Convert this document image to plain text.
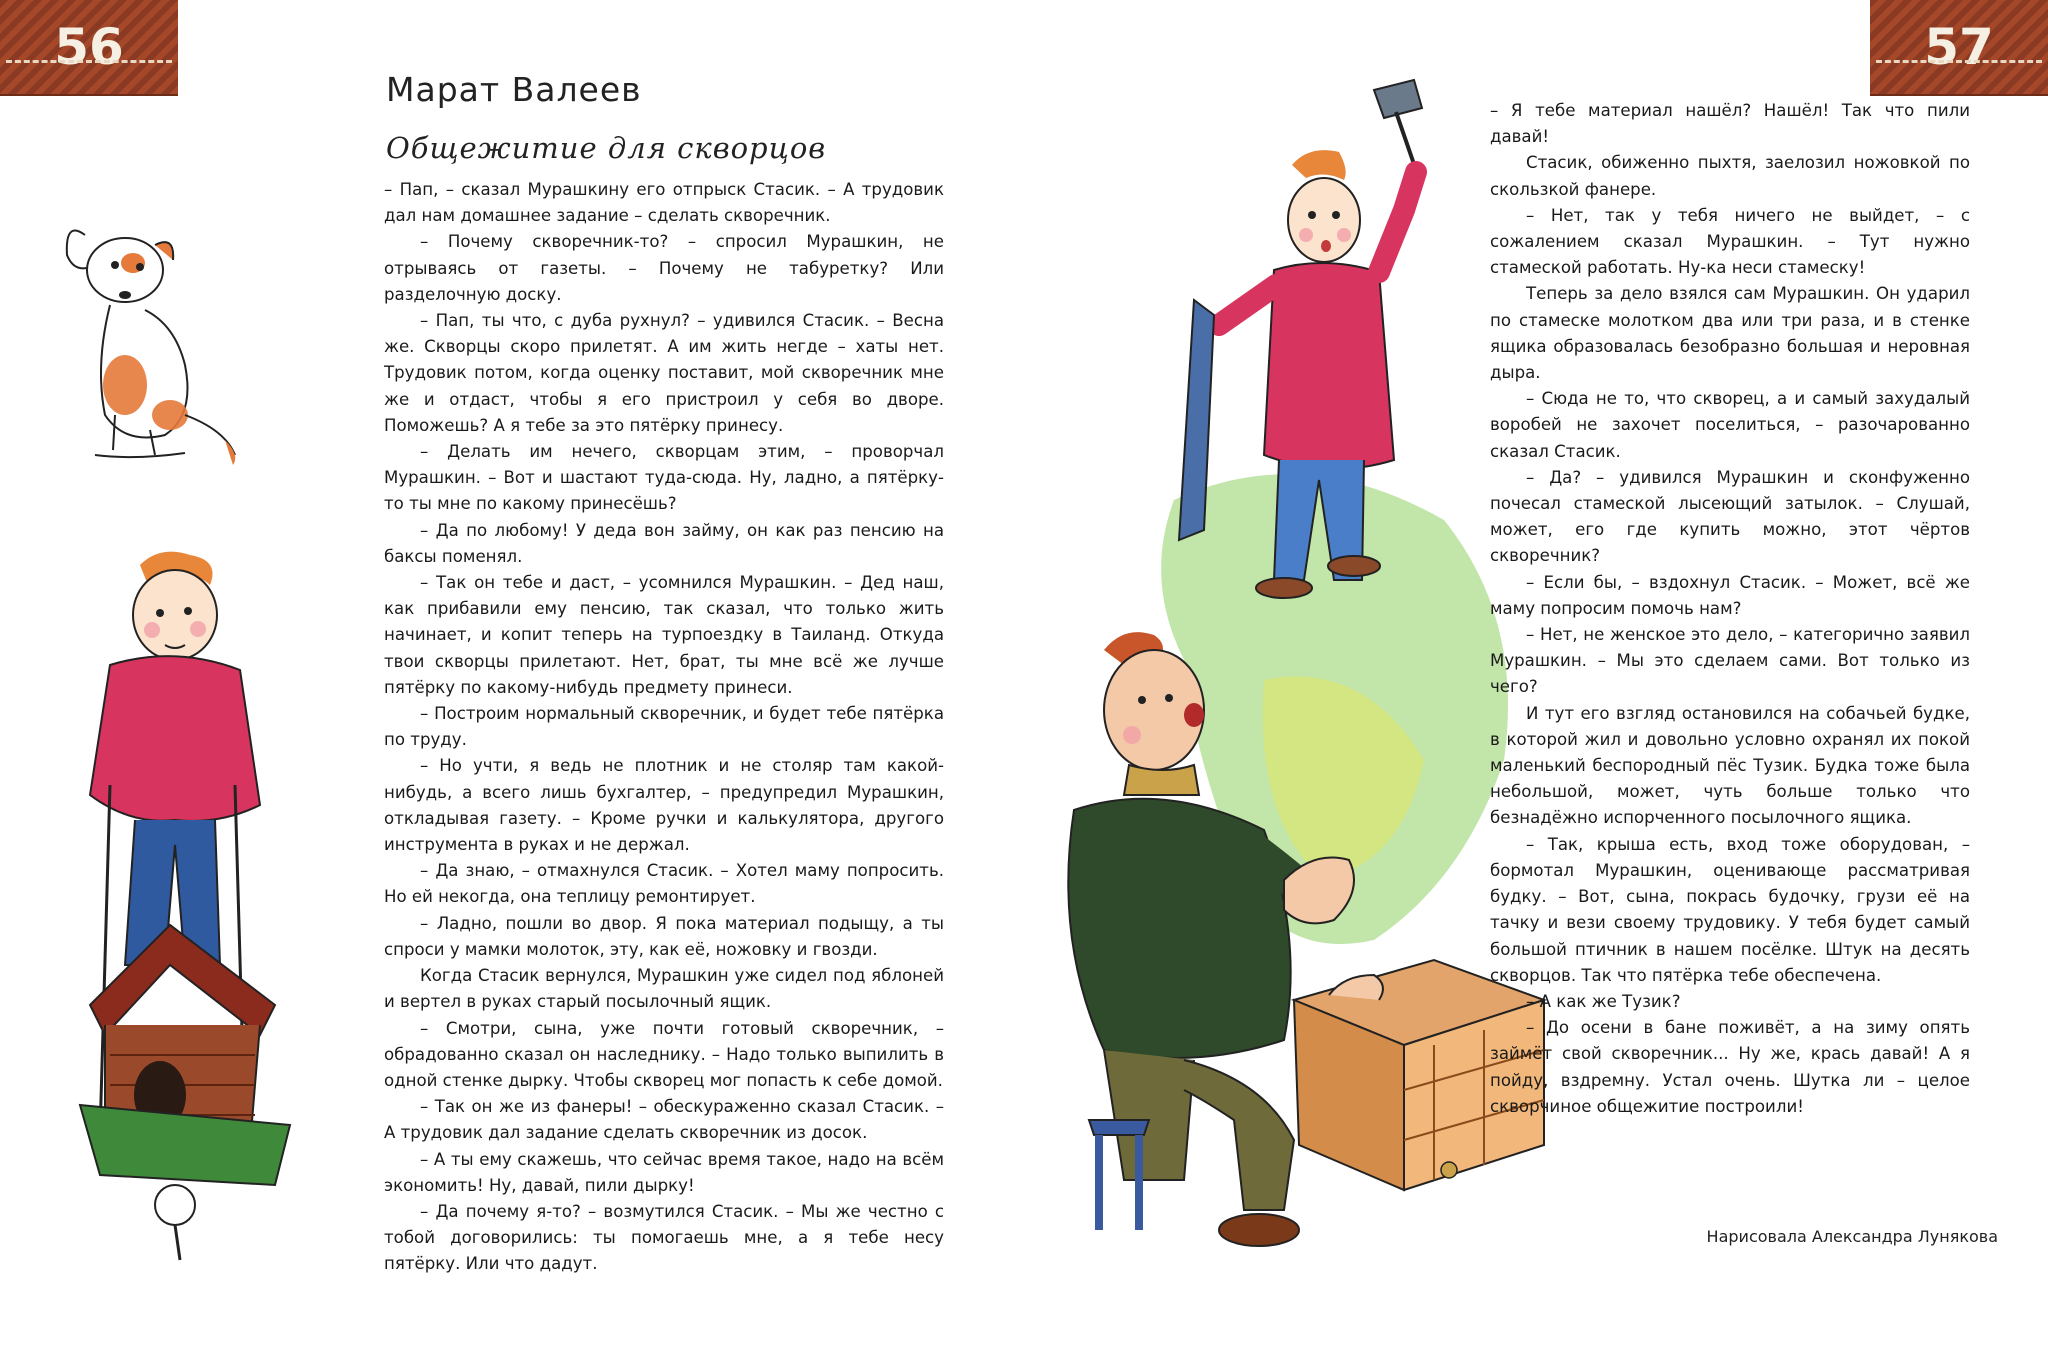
56
Марат Валеев
Общежитие для скворцов

– Пап, – сказал Мурашкину его отпрыск Стасик. – А трудовик дал нам домашнее задание – сделать скворечник.

– Почему скворечник-то? – спросил Мурашкин, не отрываясь от газеты. – Почему не табуретку? Или разделочную доску.

– Пап, ты что, с дуба рухнул? – удивился Стасик. – Весна же. Скворцы скоро прилетят. А им жить негде – хаты нет. Трудовик потом, когда оценку поставит, мой скворечник мне же и отдаст, чтобы я его пристроил у себя во дворе. Поможешь? А я тебе за это пятёрку принесу.

– Делать им нечего, скворцам этим, – проворчал Мурашкин. – Вот и шастают туда-сюда. Ну, ладно, а пятёрку-то ты мне по какому принесёшь?

– Да по любому! У деда вон займу, он как раз пенсию на баксы поменял.

– Так он тебе и даст, – усомнился Мурашкин. – Дед наш, как прибавили ему пенсию, так сказал, что только жить начинает, и копит теперь на турпоездку в Таиланд. Откуда твои скворцы прилетают. Нет, брат, ты мне всё же лучше пятёрку по какому-нибудь предмету принеси.

– Построим нормальный скворечник, и будет тебе пятёрка по труду.

– Но учти, я ведь не плотник и не столяр там какой-нибудь, а всего лишь бухгалтер, – предупредил Мурашкин, откладывая газету. – Кроме ручки и калькулятора, другого инструмента в руках и не держал.

– Да знаю, – отмахнулся Стасик. – Хотел маму попросить. Но ей некогда, она теплицу ремонтирует.

– Ладно, пошли во двор. Я пока материал подыщу, а ты спроси у мамки молоток, эту, как её, ножовку и гвозди.

Когда Стасик вернулся, Мурашкин уже сидел под яблоней и вертел в руках старый посылочный ящик.

– Смотри, сына, уже почти готовый скворечник, – обрадованно сказал он наследнику. – Надо только выпилить в одной стенке дырку. Чтобы скворец мог попасть к себе домой.

– Так он же из фанеры! – обескураженно сказал Стасик. – А трудовик дал задание сделать скворечник из досок.

– А ты ему скажешь, что сейчас время такое, надо на всём экономить! Ну, давай, пили дырку!

– Да почему я-то? – возмутился Стасик. – Мы же честно с тобой договорились: ты помогаешь мне, а я тебе несу пятёрку. Или что дадут.

57

– Я тебе материал нашёл? Нашёл! Так что пили давай!

Стасик, обиженно пыхтя, заелозил ножовкой по скользкой фанере.

– Нет, так у тебя ничего не выйдет, – с сожалением сказал Мурашкин. – Тут нужно стамеской работать. Ну-ка неси стамеску!

Теперь за дело взялся сам Мурашкин. Он ударил по стамеске молотком два или три раза, и в стенке ящика образовалась безобразно большая и неровная дыра.

– Сюда не то, что скворец, а и самый захудалый воробей не захочет поселиться, – разочарованно сказал Стасик.

– Да? – удивился Мурашкин и сконфуженно почесал стамеской лысеющий затылок. – Слушай, может, его где купить можно, этот чёртов скворечник?

– Если бы, – вздохнул Стасик. – Может, всё же маму попросим помочь нам?

– Нет, не женское это дело, – категорично заявил Мурашкин. – Мы это сделаем сами. Вот только из чего?

И тут его взгляд остановился на собачьей будке, в которой жил и довольно условно охранял их покой маленький беспородный пёс Тузик. Будка тоже была небольшой, может, чуть больше только что безнадёжно испорченного посылочного ящика.

– Так, крыша есть, вход тоже оборудован, – бормотал Мурашкин, оценивающе рассматривая будку. – Вот, сына, покрась будочку, грузи её на тачку и вези своему трудовику. У тебя будет самый большой птичник в нашем посёлке. Штук на десять скворцов. Так что пятёрка тебе обеспечена.

– А как же Тузик?

– До осени в бане поживёт, а на зиму опять займёт свой скворечник... Ну же, крась давай! А я пойду, вздремну. Устал очень. Шутка ли – целое скворчиное общежитие построили!

Нарисовала Александра Лунякова
